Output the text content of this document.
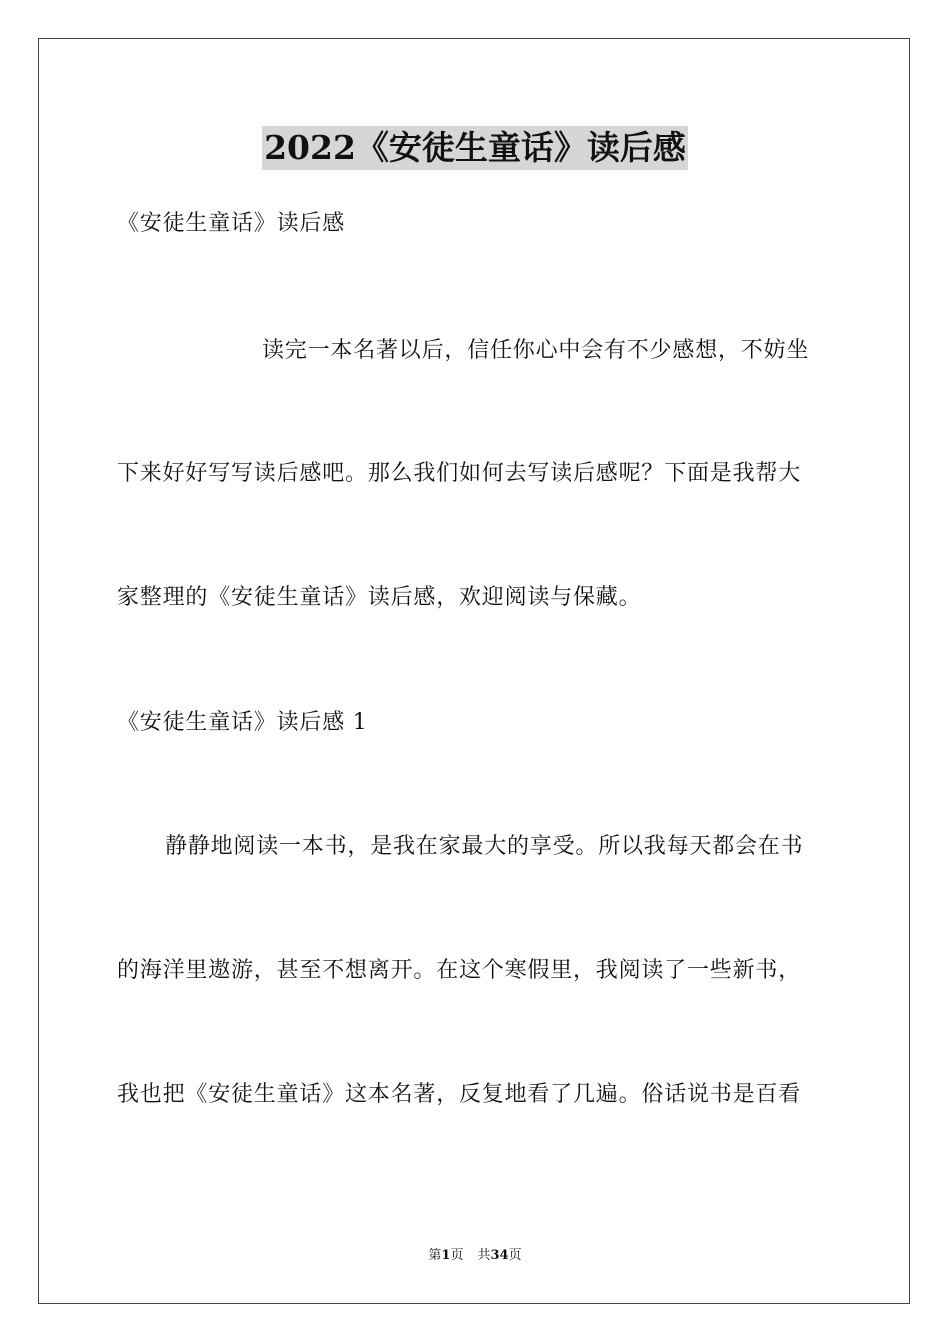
2022《安徒生童话》读后感
《安徒生童话》读后感
读完一本名著以后，信任你心中会有不少感想，不妨坐
下来好好写写读后感吧。那么我们如何去写读后感呢？下面是我帮大
家整理的《安徒生童话》读后感，欢迎阅读与保藏。
《安徒生童话》读后感 1
静静地阅读一本书，是我在家最大的享受。所以我每天都会在书
的海洋里遨游，甚至不想离开。在这个寒假里，我阅读了一些新书，
我也把《安徒生童话》这本名著，反复地看了几遍。俗话说书是百看
第1页 共34页
